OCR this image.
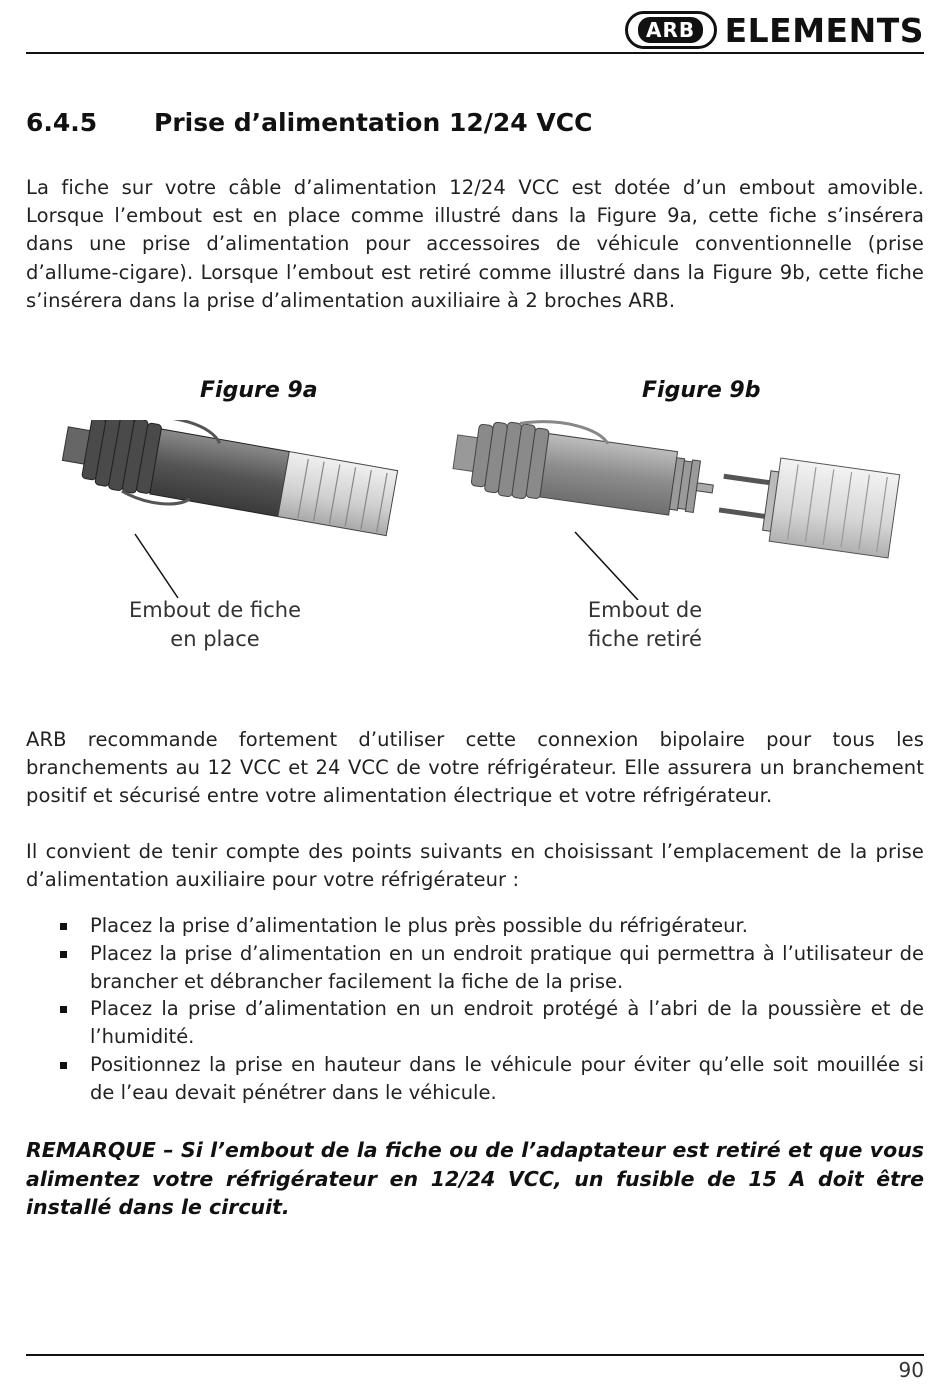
ARB ELEMENTS
6.4.5 Prise d’alimentation 12/24 VCC

La fiche sur votre câble d’alimentation 12/24 VCC est dotée d’un embout amovible. Lorsque l’embout est en place comme illustré dans la Figure 9a, cette fiche s’insérera dans une prise d’alimentation pour accessoires de véhicule conventionnelle (prise d’allume-cigare). Lorsque l’embout est retiré comme illustré dans la Figure 9b, cette fiche s’insérera dans la prise d’alimentation auxiliaire à 2 broches ARB.

Figure 9a

Embout de fiche
en place

Figure 9b

Embout de
fiche retiré

ARB recommande fortement d’utiliser cette connexion bipolaire pour tous les branchements au 12 VCC et 24 VCC de votre réfrigérateur. Elle assurera un branchement positif et sécurisé entre votre alimentation électrique et votre réfrigérateur.

Il convient de tenir compte des points suivants en choisissant l’emplacement de la prise d’alimentation auxiliaire pour votre réfrigérateur :

Placez la prise d’alimentation le plus près possible du réfrigérateur.
Placez la prise d’alimentation en un endroit pratique qui permettra à l’utilisateur de brancher et débrancher facilement la fiche de la prise.
Placez la prise d’alimentation en un endroit protégé à l’abri de la poussière et de l’humidité.
Positionnez la prise en hauteur dans le véhicule pour éviter qu’elle soit mouillée si de l’eau devait pénétrer dans le véhicule.

REMARQUE – Si l’embout de la fiche ou de l’adaptateur est retiré et que vous alimentez votre réfrigérateur en 12/24 VCC, un fusible de 15 A doit être installé dans le circuit.

90
